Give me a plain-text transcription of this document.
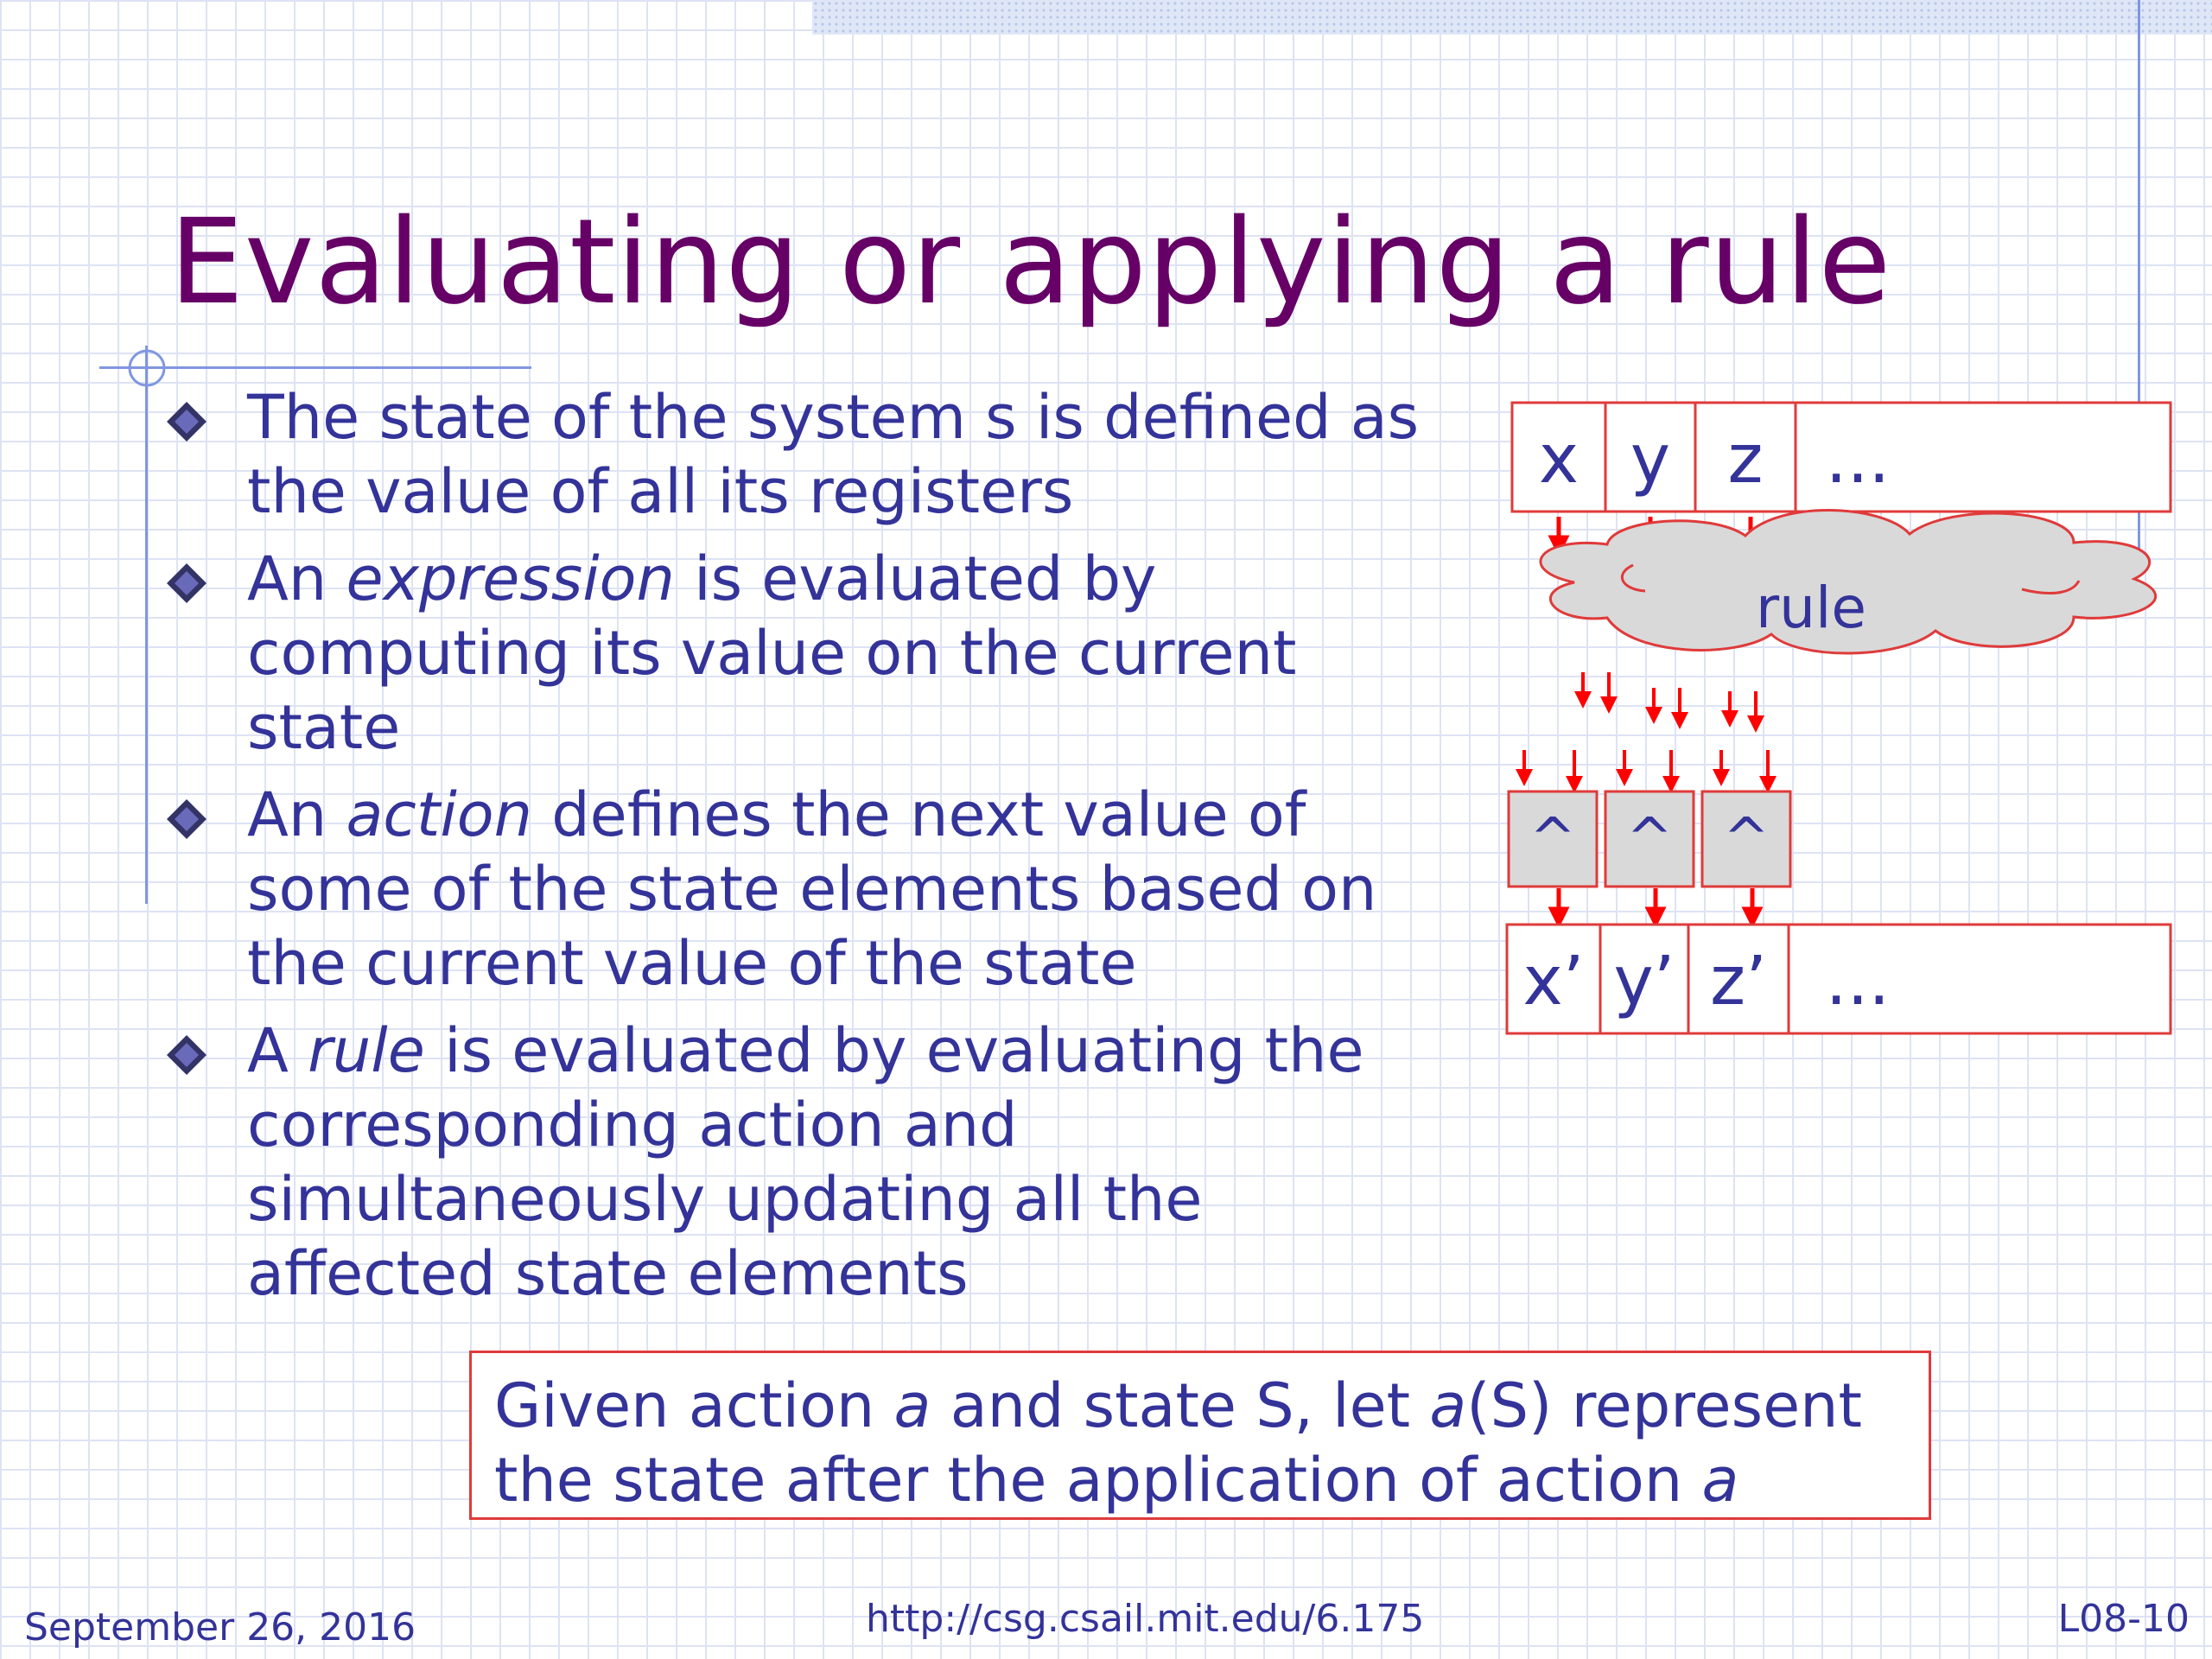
Evaluating or applying a rule
The state of the system s is defined as the value of all its registers
An expression is evaluated by computing its value on the current state
An action defines the next value of some of the state elements based on the current value of the state
A rule is evaluated by evaluating the corresponding action and simultaneously updating all the affected state elements
x y z ...
rule
^ ^ ^
x’ y’ z’ ...
Given action a and state S, let a(S) represent
the state after the application of action a
September 26, 2016	http://csg.csail.mit.edu/6.175	L08-10
